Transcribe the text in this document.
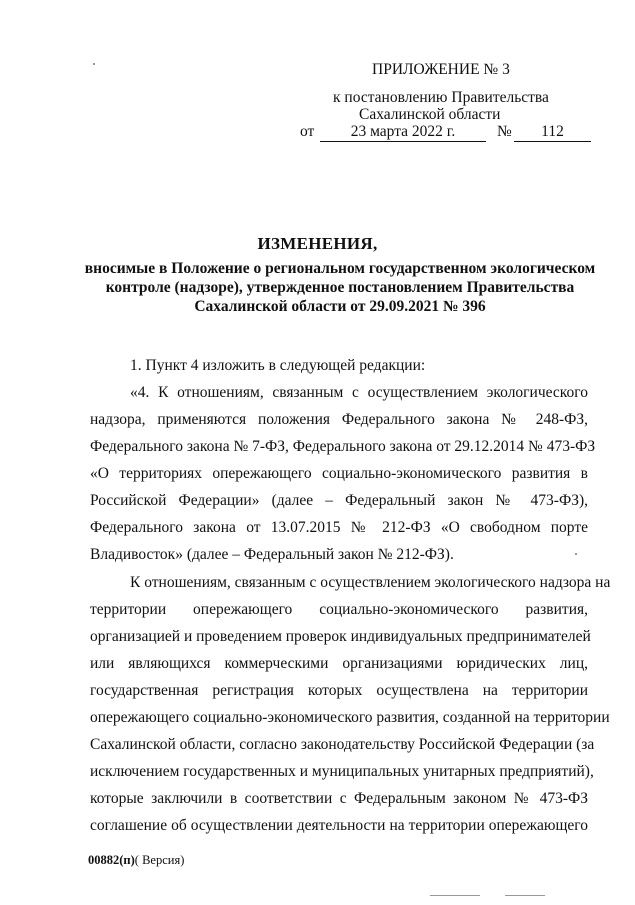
ПРИЛОЖЕНИЕ № 3
к постановлению Правительства
Сахалинской области
от	23 марта 2022 г.	№	112
ИЗМЕНЕНИЯ,
вносимые в Положение о региональном государственном экологическом
контроле (надзоре), утвержденное постановлением Правительства
Сахалинской области от 29.09.2021 № 396
1. Пункт 4 изложить в следующей редакции:
«4. К отношениям, связанным с осуществлением экологического
надзора, применяются положения Федерального закона № 248-ФЗ,
Федерального закона № 7-ФЗ, Федерального закона от 29.12.2014 № 473-ФЗ
«О территориях опережающего социально-экономического развития в
Российской Федерации» (далее – Федеральный закон № 473-ФЗ),
Федерального закона от 13.07.2015 № 212-ФЗ «О свободном порте
Владивосток» (далее – Федеральный закон № 212-ФЗ).
К отношениям, связанным с осуществлением экологического надзора на
территории опережающего социально-экономического развития,
организацией и проведением проверок индивидуальных предпринимателей
или являющихся коммерческими организациями юридических лиц,
государственная регистрация которых осуществлена на территории
опережающего социально-экономического развития, созданной на территории
Сахалинской области, согласно законодательству Российской Федерации (за
исключением государственных и муниципальных унитарных предприятий),
которые заключили в соответствии с Федеральным законом № 473-ФЗ
соглашение об осуществлении деятельности на территории опережающего
00882(п)( Версия)
